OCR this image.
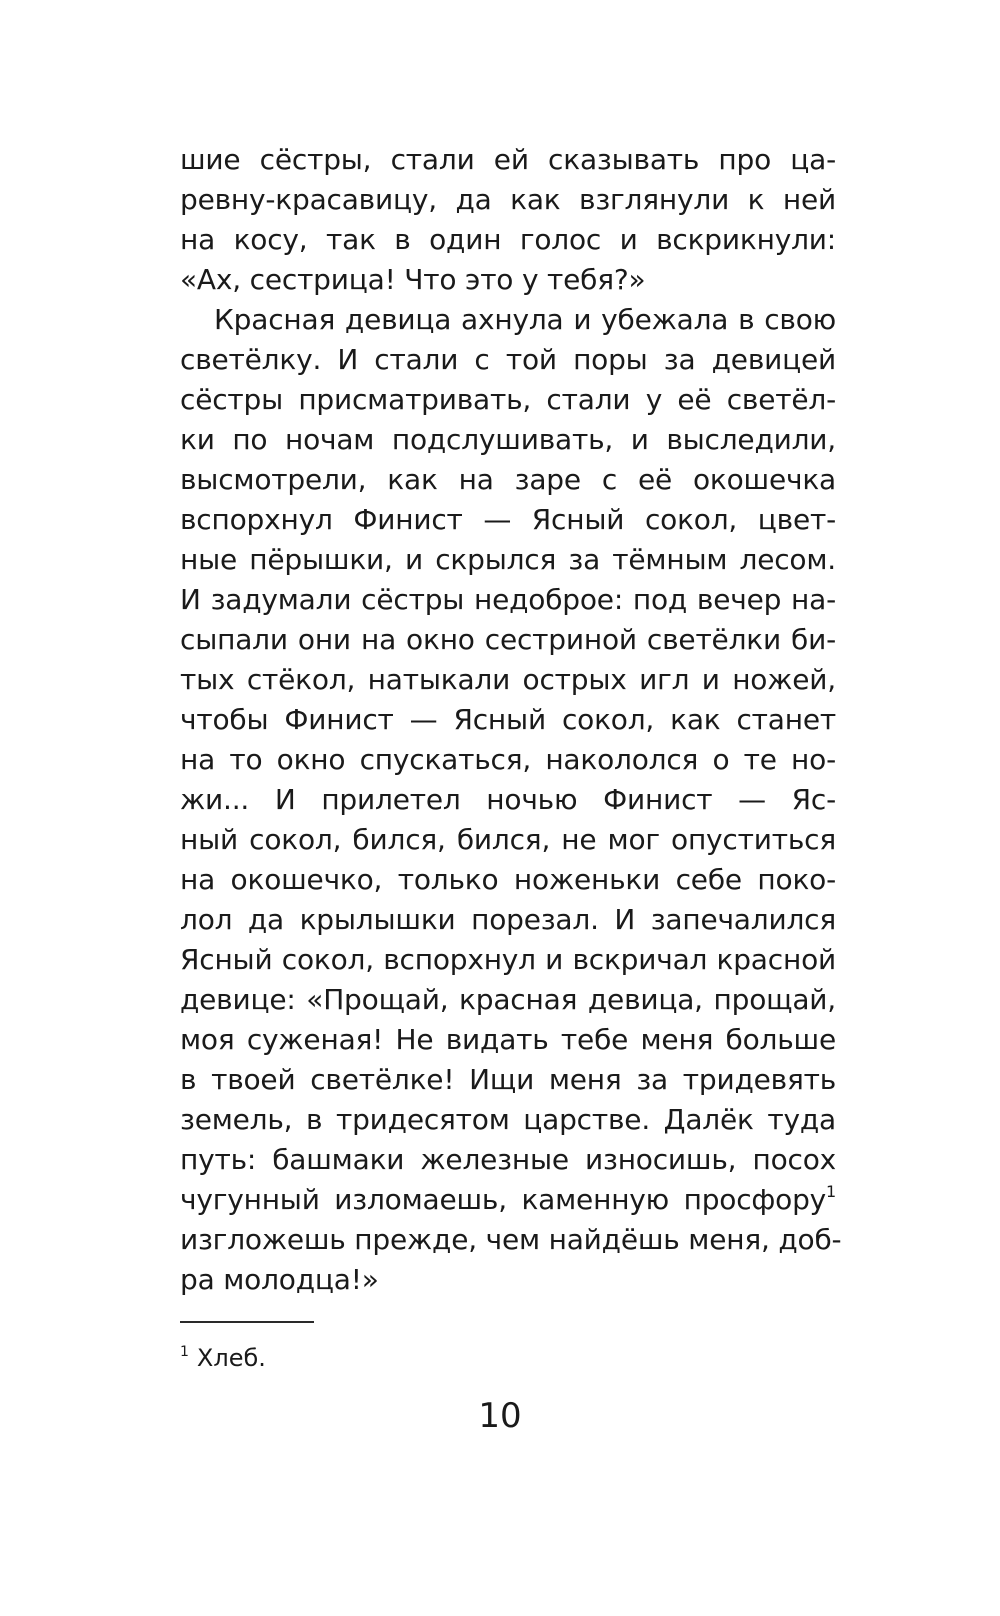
шие сёстры, стали ей сказывать про ца-
ревну-красавицу, да как взглянули к ней
на косу, так в один голос и вскрикнули:
«Ах, сестрица! Что это у тебя?»
Красная девица ахнула и убежала в свою
светёлку. И стали с той поры за девицей
сёстры присматривать, стали у её светёл-
ки по ночам подслушивать, и выследили,
высмотрели, как на заре с её окошечка
вспорхнул Финист — Ясный сокол, цвет-
ные пёрышки, и скрылся за тёмным лесом.
И задумали сёстры недоброе: под вечер на-
сыпали они на окно сестриной светёлки би-
тых стёкол, натыкали острых игл и ножей,
чтобы Финист — Ясный сокол, как станет
на то окно спускаться, накололся о те но-
жи... И прилетел ночью Финист — Яс-
ный сокол, бился, бился, не мог опуститься
на окошечко, только ноженьки себе поко-
лол да крылышки порезал. И запечалился
Ясный сокол, вспорхнул и вскричал красной
девице: «Прощай, красная девица, прощай,
моя суженая! Не видать тебе меня больше
в твоей светёлке! Ищи меня за тридевять
земель, в тридесятом царстве. Далёк туда
путь: башмаки железные износишь, посох
чугунный изломаешь, каменную просфору$^1$
изгложешь прежде, чем найдёшь меня, доб-
ра молодца!»
$^1$ Хлеб.
10
